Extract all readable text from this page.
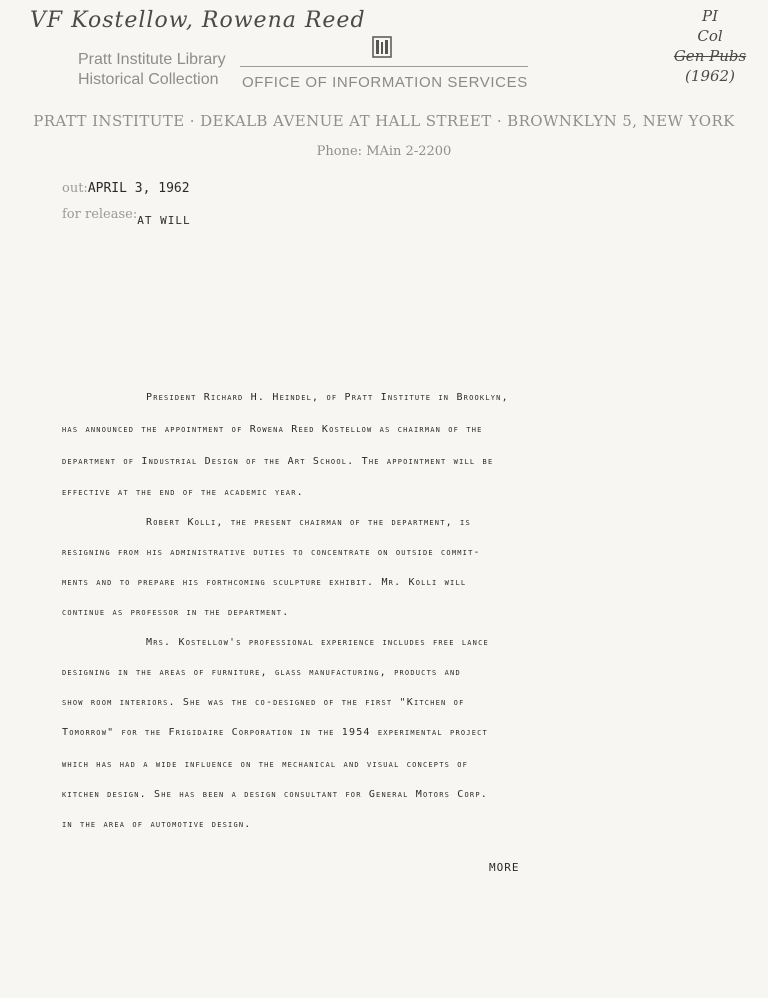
VF Kostellow, Rowena Reed	PI
Col
Gen Pubs
(1962)
Pratt Institute Library
Historical Collection	OFFICE OF INFORMATION SERVICES
PRATT INSTITUTE · DEKALB AVENUE AT HALL STREET · BROWNKLYN 5, NEW YORK
Phone: MAin 2-2200
out:APRIL 3, 1962
for $release:_{AT WILL}$
President Richard H. Heindel, of Pratt Institute in Brooklyn,
has announced the appointment of Rowena Reed Kostellow as chairman of the
department of Industrial Design of the Art School. The appointment will be
effective at the end of the academic year.
Robert Kolli, the present chairman of the department, is
resigning from his administrative duties to concentrate on outside commit-
ments and to prepare his forthcoming sculpture exhibit. Mr. Kolli will
continue as professor in the department.
Mrs. Kostellow's professional experience includes free lance
designing in the areas of furniture, glass manufacturing, products and
show room interiors. She was the co-designed of the first "Kitchen of
Tomorrow" for the Frigidaire Corporation in the 1954 experimental project
which has had a wide influence on the mechanical and visual concepts of
kitchen design. She has been a design consultant for General Motors Corp.
in the area of automotive design.
MORE
